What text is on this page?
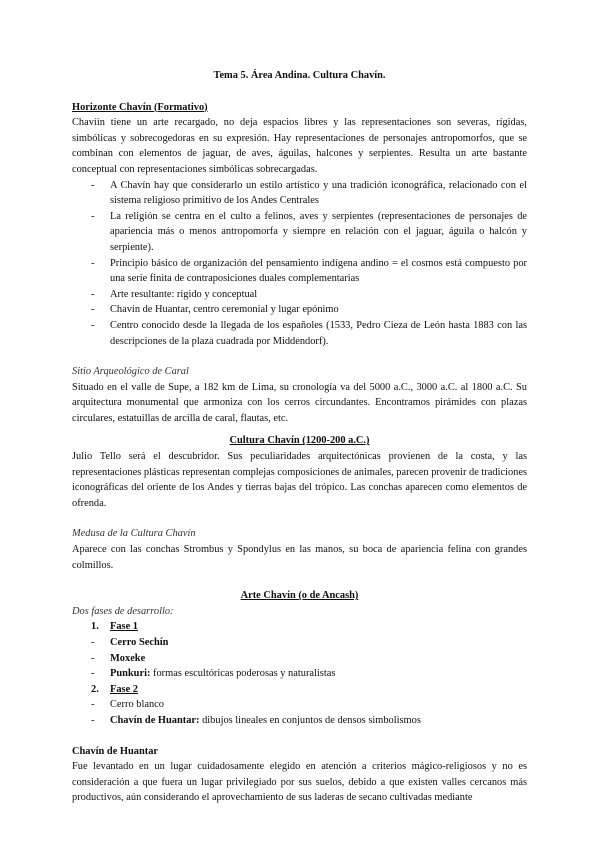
Tema 5. Área Andina. Cultura Chavín.

Horizonte Chavín (Formativo)

Chavíín tiene un arte recargado, no deja espacios libres y las representaciones son severas, rígidas, simbólicas y sobrecogedoras en su expresión. Hay representaciones de personajes antropomorfos, que se combinan con elementos de jaguar, de aves, águilas, halcones y serpientes. Resulta un arte bastante conceptual con representaciones simbólicas sobrecargadas.

- A Chavín hay que considerarlo un estilo artístico y una tradición iconográfica, relacionado con el sistema religioso primitivo de los Andes Centrales
- La religión se centra en el culto a felinos, aves y serpientes (representaciones de personajes de apariencia más o menos antropomorfa y siempre en relación con el jaguar, águila o halcón y serpiente).
- Principio básico de organización del pensamiento indígena andino = el cosmos está compuesto por una serie finita de contraposiciones duales complementarias
- Arte resultante: rígido y conceptual
- Chavín de Huantar, centro ceremonial y lugar epónimo
- Centro conocido desde la llegada de los españoles (1533, Pedro Cieza de León hasta 1883 con las descripciones de la plaza cuadrada por Middendorf).

Sitio Arqueológico de Caral

Situado en el valle de Supe, a 182 km de Lima, su cronología va del 5000 a.C., 3000 a.C. al 1800 a.C. Su arquitectura monumental que armoniza con los cerros circundantes. Encontramos pirámides con plazas circulares, estatuillas de arcilla de caral, flautas, etc.

Cultura Chavín (1200-200 a.C.)

Julio Tello será el descubridor. Sus peculiaridades arquitectónicas provienen de la costa, y las representaciones plásticas representan complejas composiciones de animales, parecen provenir de tradiciones iconográficas del oriente de los Andes y tierras bajas del trópico. Las conchas aparecen como elementos de ofrenda.

Medusa de la Cultura Chavín

Aparece con las conchas Strombus y Spondylus en las manos, su boca de apariencia felina con grandes colmillos.

Arte Chavín (o de Ancash)

Dos fases de desarrollo:

1. Fase 1
- Cerro Sechín
- Moxeke
- Punkuri: formas escultóricas poderosas y naturalistas
2. Fase 2
- Cerro blanco
- Chavín de Huantar: dibujos lineales en conjuntos de densos simbolismos

Chavín de Huantar

Fue levantado en un lugar cuidadosamente elegido en atención a criterios mágico-religiosos y no es consideración a que fuera un lugar privilegiado por sus suelos, debido a que existen valles cercanos más productivos, aún considerando el aprovechamiento de sus laderas de secano cultivadas mediante
